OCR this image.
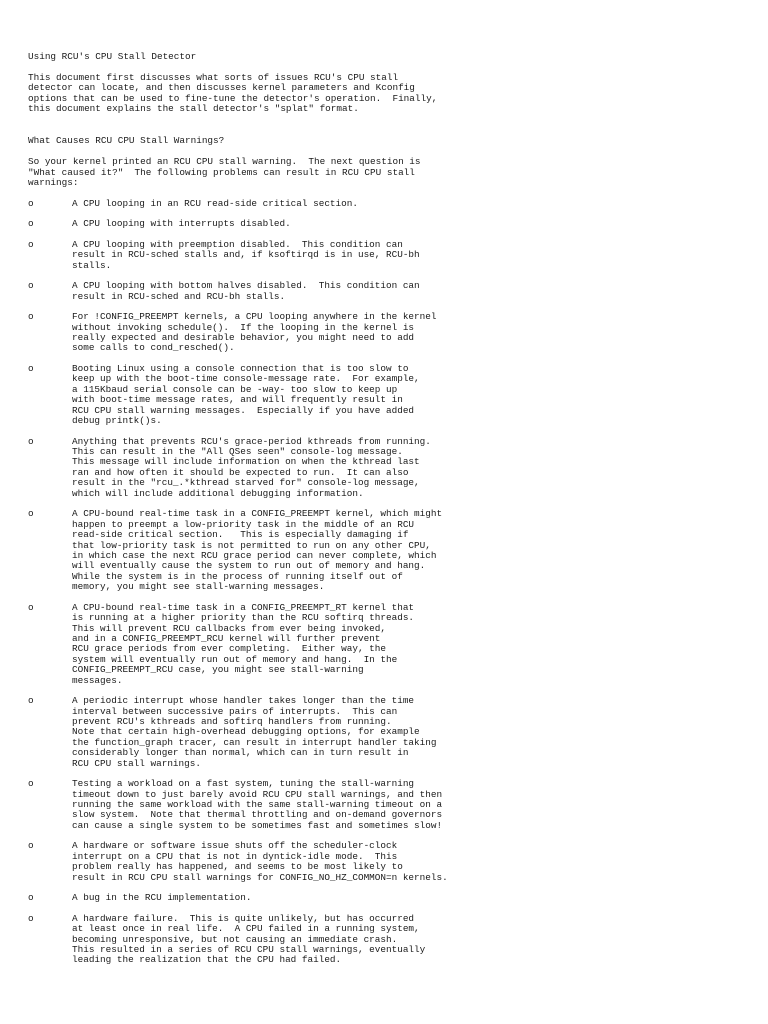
Using RCU's CPU Stall Detector

This document first discusses what sorts of issues RCU's CPU stall
detector can locate, and then discusses kernel parameters and Kconfig
options that can be used to fine-tune the detector's operation.  Finally,
this document explains the stall detector's "splat" format.

What Causes RCU CPU Stall Warnings?

So your kernel printed an RCU CPU stall warning.  The next question is
"What caused it?"  The following problems can result in RCU CPU stall
warnings:

o	A CPU looping in an RCU read-side critical section.
o	A CPU looping with interrupts disabled.
o	A CPU looping with preemption disabled.  This condition can
result in RCU-sched stalls and, if ksoftirqd is in use, RCU-bh
stalls.
o	A CPU looping with bottom halves disabled.  This condition can
result in RCU-sched and RCU-bh stalls.
o	For !CONFIG_PREEMPT kernels, a CPU looping anywhere in the kernel
without invoking schedule().  If the looping in the kernel is
really expected and desirable behavior, you might need to add
some calls to cond_resched().
o	Booting Linux using a console connection that is too slow to
keep up with the boot-time console-message rate.  For example,
a 115Kbaud serial console can be -way- too slow to keep up
with boot-time message rates, and will frequently result in
RCU CPU stall warning messages.  Especially if you have added
debug printk()s.
o	Anything that prevents RCU's grace-period kthreads from running.
This can result in the "All QSes seen" console-log message.
This message will include information on when the kthread last
ran and how often it should be expected to run.  It can also
result in the "rcu_.*kthread starved for" console-log message,
which will include additional debugging information.
o	A CPU-bound real-time task in a CONFIG_PREEMPT kernel, which might
happen to preempt a low-priority task in the middle of an RCU
read-side critical section.   This is especially damaging if
that low-priority task is not permitted to run on any other CPU,
in which case the next RCU grace period can never complete, which
will eventually cause the system to run out of memory and hang.
While the system is in the process of running itself out of
memory, you might see stall-warning messages.
o	A CPU-bound real-time task in a CONFIG_PREEMPT_RT kernel that
is running at a higher priority than the RCU softirq threads.
This will prevent RCU callbacks from ever being invoked,
and in a CONFIG_PREEMPT_RCU kernel will further prevent
RCU grace periods from ever completing.  Either way, the
system will eventually run out of memory and hang.  In the
CONFIG_PREEMPT_RCU case, you might see stall-warning
messages.
o	A periodic interrupt whose handler takes longer than the time
interval between successive pairs of interrupts.  This can
prevent RCU's kthreads and softirq handlers from running.
Note that certain high-overhead debugging options, for example
the function_graph tracer, can result in interrupt handler taking
considerably longer than normal, which can in turn result in
RCU CPU stall warnings.
o	Testing a workload on a fast system, tuning the stall-warning
timeout down to just barely avoid RCU CPU stall warnings, and then
running the same workload with the same stall-warning timeout on a
slow system.  Note that thermal throttling and on-demand governors
can cause a single system to be sometimes fast and sometimes slow!
o	A hardware or software issue shuts off the scheduler-clock
interrupt on a CPU that is not in dyntick-idle mode.  This
problem really has happened, and seems to be most likely to
result in RCU CPU stall warnings for CONFIG_NO_HZ_COMMON=n kernels.
o	A bug in the RCU implementation.
o	A hardware failure.  This is quite unlikely, but has occurred
at least once in real life.  A CPU failed in a running system,
becoming unresponsive, but not causing an immediate crash.
This resulted in a series of RCU CPU stall warnings, eventually
leading the realization that the CPU had failed.
